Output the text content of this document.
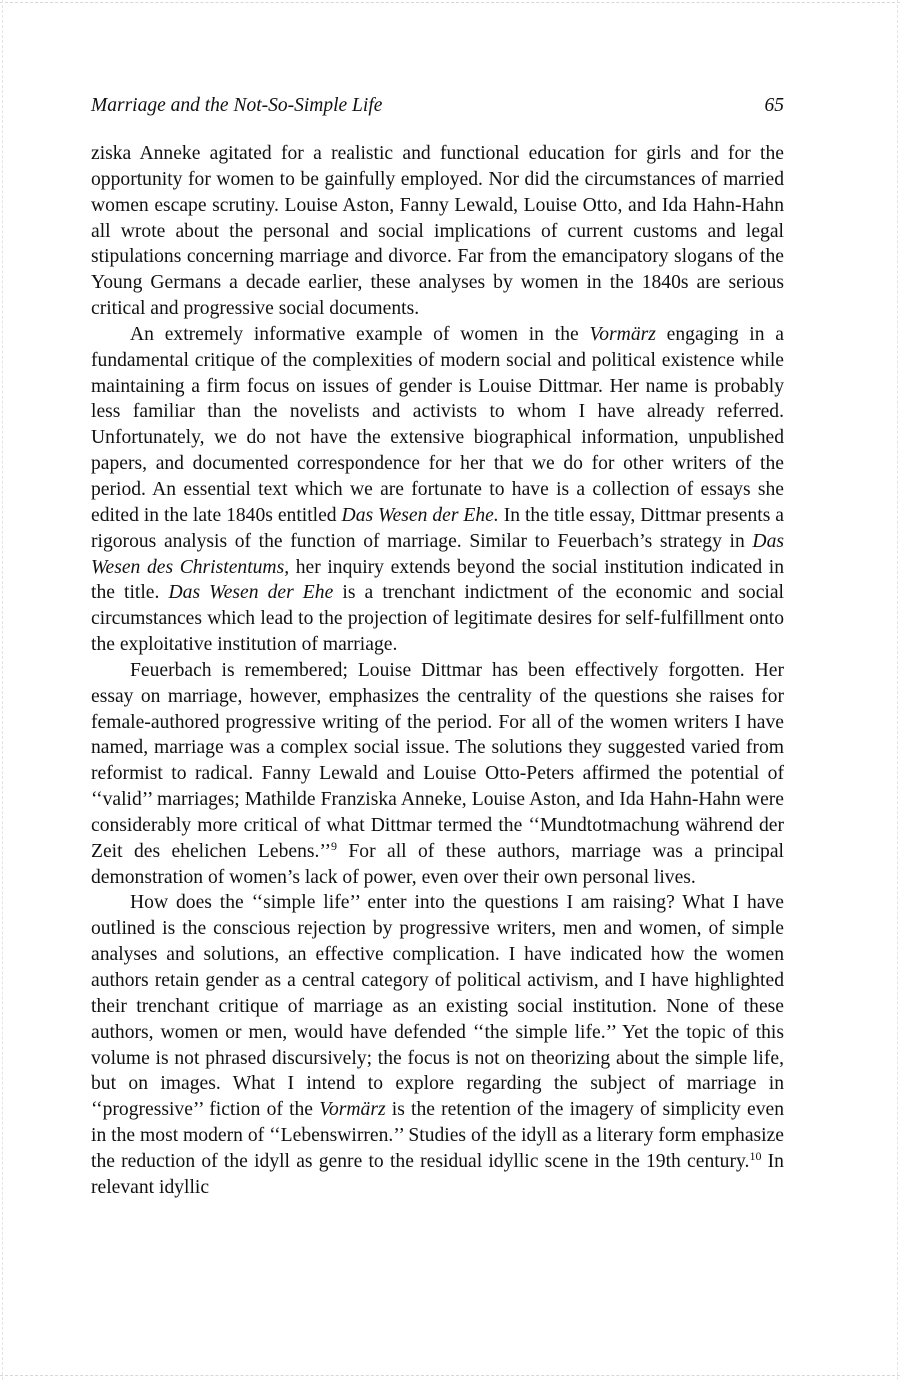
Marriage and the Not-So-Simple Life	65

ziska Anneke agitated for a realistic and functional education for girls and for the opportunity for women to be gainfully employed. Nor did the circumstances of married women escape scrutiny. Louise Aston, Fanny Lewald, Louise Otto, and Ida Hahn-Hahn all wrote about the personal and social implications of current customs and legal stipulations concerning marriage and divorce. Far from the emancipatory slogans of the Young Germans a decade earlier, these analyses by women in the 1840s are serious critical and progressive social documents.

An extremely informative example of women in the Vormärz engaging in a fundamental critique of the complexities of modern social and political existence while maintaining a firm focus on issues of gender is Louise Dittmar. Her name is probably less familiar than the novelists and activists to whom I have already referred. Unfortunately, we do not have the extensive biographical information, unpublished papers, and documented correspondence for her that we do for other writers of the period. An essential text which we are fortunate to have is a collection of essays she edited in the late 1840s entitled Das Wesen der Ehe. In the title essay, Dittmar presents a rigorous analysis of the function of marriage. Similar to Feuerbach’s strategy in Das Wesen des Christentums, her inquiry extends beyond the social institution indicated in the title. Das Wesen der Ehe is a trenchant indictment of the economic and social circumstances which lead to the projection of legitimate desires for self-fulfillment onto the exploitative institution of marriage.

Feuerbach is remembered; Louise Dittmar has been effectively forgotten. Her essay on marriage, however, emphasizes the centrality of the questions she raises for female-authored progressive writing of the period. For all of the women writers I have named, marriage was a complex social issue. The solutions they suggested varied from reformist to radical. Fanny Lewald and Louise Otto-Peters affirmed the potential of ‘‘valid’’ marriages; Mathilde Franziska Anneke, Louise Aston, and Ida Hahn-Hahn were considerably more critical of what Dittmar termed the ‘‘Mundtotmachung während der Zeit des ehelichen Lebens.’’$^9$ For all of these authors, marriage was a principal demonstration of women’s lack of power, even over their own personal lives.

How does the ‘‘simple life’’ enter into the questions I am raising? What I have outlined is the conscious rejection by progressive writers, men and women, of simple analyses and solutions, an effective complication. I have indicated how the women authors retain gender as a central category of political activism, and I have highlighted their trenchant critique of marriage as an existing social institution. None of these authors, women or men, would have defended ‘‘the simple life.’’ Yet the topic of this volume is not phrased discursively; the focus is not on theorizing about the simple life, but on images. What I intend to explore regarding the subject of marriage in ‘‘progressive’’ fiction of the Vormärz is the retention of the imagery of simplicity even in the most modern of ‘‘Lebenswirren.’’ Studies of the idyll as a literary form emphasize the reduction of the idyll as genre to the residual idyllic scene in the 19th century.$^{10}$ In relevant idyllic
